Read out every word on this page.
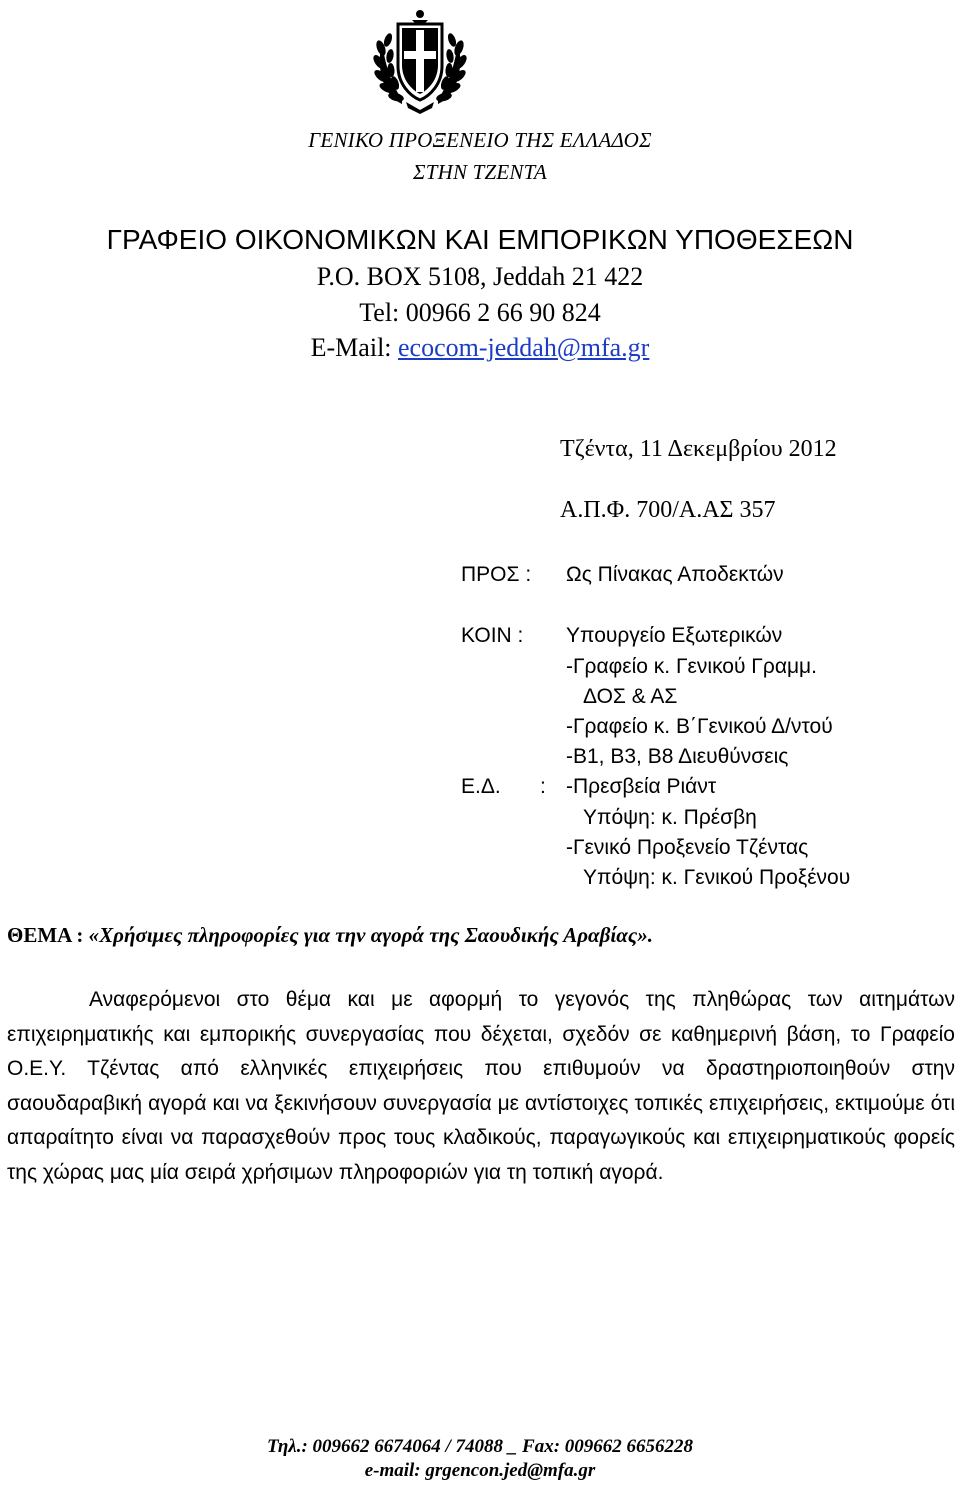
ΓΕΝΙΚΟ ΠΡΟΞΕΝΕΙΟ ΤΗΣ ΕΛΛΑΔΟΣ
ΣΤΗΝ ΤΖΕΝΤΑ
ΓΡΑΦΕΙΟ ΟΙΚΟΝΟΜΙΚΩΝ ΚΑΙ ΕΜΠΟΡΙΚΩΝ ΥΠΟΘΕΣΕΩΝ
P.O. BOX 5108, Jeddah 21 422
Tel: 00966 2 66 90 824
E-Mail: ecocom-jeddah@mfa.gr
Τζέντα, 11 Δεκεμβρίου 2012
Α.Π.Φ. 700/Α.ΑΣ 357
ΠΡΟΣ : Ως Πίνακας Αποδεκτών
ΚΟΙΝ : Υπουργείο Εξωτερικών
-Γραφείο κ. Γενικού Γραμμ.
ΔΟΣ & ΑΣ
-Γραφείο κ. Β΄Γενικού Δ/ντού
-Β1, Β3, Β8 Διευθύνσεις
Ε.Δ. : -Πρεσβεία Ριάντ
Υπόψη: κ. Πρέσβη
-Γενικό Προξενείο Τζέντας
Υπόψη: κ. Γενικού Προξένου
ΘΕΜΑ : «Χρήσιμες πληροφορίες για την αγορά της Σαουδικής Αραβίας».
Αναφερόμενοι στο θέμα και με αφορμή το γεγονός της πληθώρας των αιτημάτων επιχειρηματικής και εμπορικής συνεργασίας που δέχεται, σχεδόν σε καθημερινή βάση, το Γραφείο Ο.Ε.Υ. Τζέντας από ελληνικές επιχειρήσεις που επιθυμούν να δραστηριοποιηθούν στην σαουδαραβική αγορά και να ξεκινήσουν συνεργασία με αντίστοιχες τοπικές επιχειρήσεις, εκτιμούμε ότι απαραίτητο είναι να παρασχεθούν προς τους κλαδικούς, παραγωγικούς και επιχειρηματικούς φορείς της χώρας μας μία σειρά χρήσιμων πληροφοριών για τη τοπική αγορά.
Τηλ.: 009662 6674064 / 74088 _ Fax: 009662 6656228
e-mail: grgencon.jed@mfa.gr
